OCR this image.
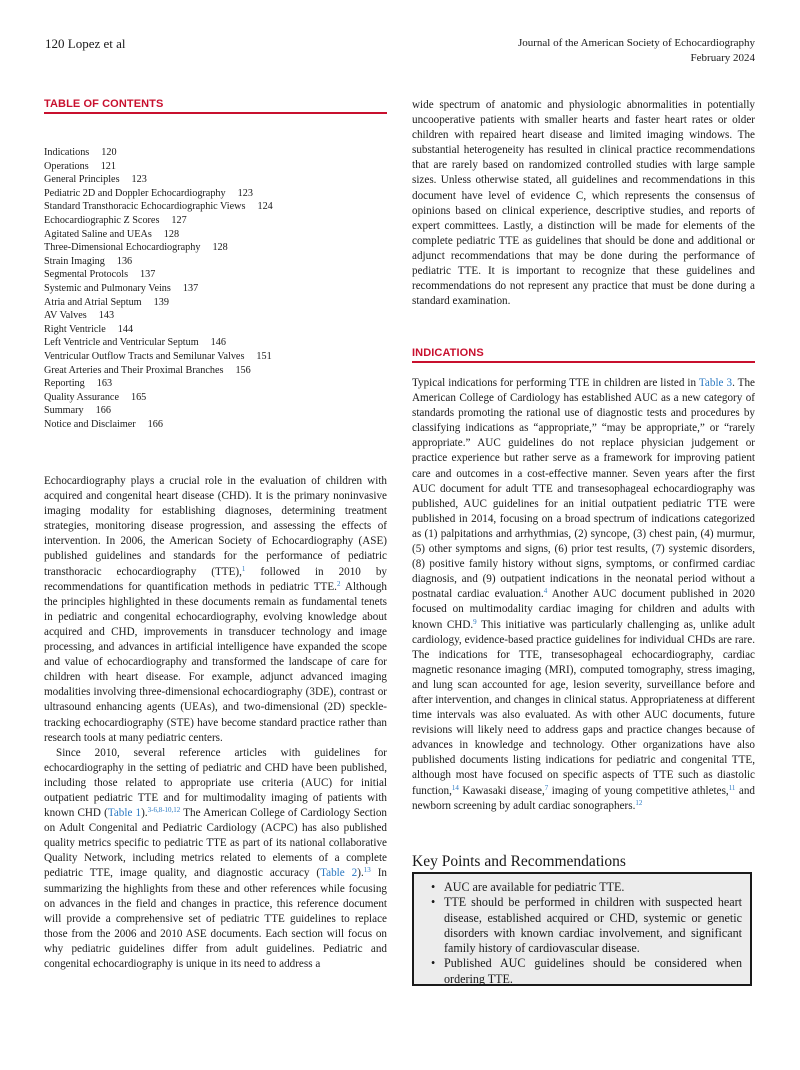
120 Lopez et al	Journal of the American Society of Echocardiography
February 2024
TABLE OF CONTENTS
Indications 120
Operations 121
General Principles 123
Pediatric 2D and Doppler Echocardiography 123
Standard Transthoracic Echocardiographic Views 124
Echocardiographic Z Scores 127
Agitated Saline and UEAs 128
Three-Dimensional Echocardiography 128
Strain Imaging 136
Segmental Protocols 137
Systemic and Pulmonary Veins 137
Atria and Atrial Septum 139
AV Valves 143
Right Ventricle 144
Left Ventricle and Ventricular Septum 146
Ventricular Outflow Tracts and Semilunar Valves 151
Great Arteries and Their Proximal Branches 156
Reporting 163
Quality Assurance 165
Summary 166
Notice and Disclaimer 166

Echocardiography plays a crucial role in the evaluation of children with acquired and congenital heart disease (CHD). It is the primary noninvasive imaging modality for establishing diagnoses, determining treatment strategies, monitoring disease progression, and assessing the effects of intervention. In 2006, the American Society of Echocardiography (ASE) published guidelines and standards for the performance of pediatric transthoracic echocardiography (TTE),$^1$ followed in 2010 by recommendations for quantification methods in pediatric TTE.$^2$ Although the principles highlighted in these documents remain as fundamental tenets in pediatric and congenital echocardiography, evolving knowledge about acquired and CHD, improvements in transducer technology and image processing, and advances in artificial intelligence have expanded the scope and value of echocardiography and transformed the landscape of care for children with heart disease. For example, adjunct advanced imaging modalities involving three-dimensional echocardiography (3DE), contrast or ultrasound enhancing agents (UEAs), and two-dimensional (2D) speckle-tracking echocardiography (STE) have become standard practice rather than research tools at many pediatric centers.

Since 2010, several reference articles with guidelines for echocardiography in the setting of pediatric and CHD have been published, including those related to appropriate use criteria (AUC) for initial outpatient pediatric TTE and for multimodality imaging of patients with known CHD (Table 1).$^{3-6,8-10,12}$ The American College of Cardiology Section on Adult Congenital and Pediatric Cardiology (ACPC) has also published quality metrics specific to pediatric TTE as part of its national collaborative Quality Network, including metrics related to elements of a complete pediatric TTE, image quality, and diagnostic accuracy (Table 2).$^{13}$ In summarizing the highlights from these and other references while focusing on advances in the field and changes in practice, this reference document will provide a comprehensive set of pediatric TTE guidelines to replace those from the 2006 and 2010 ASE documents. Each section will focus on why pediatric guidelines differ from adult guidelines. Pediatric and congenital echocardiography is unique in its need to address a

wide spectrum of anatomic and physiologic abnormalities in potentially uncooperative patients with smaller hearts and faster heart rates or older children with repaired heart disease and limited imaging windows. The substantial heterogeneity has resulted in clinical practice recommendations that are rarely based on randomized controlled studies with large sample sizes. Unless otherwise stated, all guidelines and recommendations in this document have level of evidence C, which represents the consensus of opinions based on clinical experience, descriptive studies, and reports of expert committees. Lastly, a distinction will be made for elements of the complete pediatric TTE as guidelines that should be done and additional or adjunct recommendations that may be done during the performance of pediatric TTE. It is important to recognize that these guidelines and recommendations do not represent any practice that must be done during a standard examination.

INDICATIONS

Typical indications for performing TTE in children are listed in Table 3. The American College of Cardiology has established AUC as a new category of standards promoting the rational use of diagnostic tests and procedures by classifying indications as “appropriate,” “may be appropriate,” or “rarely appropriate.” AUC guidelines do not replace physician judgement or practice experience but rather serve as a framework for improving patient care and outcomes in a cost-effective manner. Seven years after the first AUC document for adult TTE and transesophageal echocardiography was published, AUC guidelines for an initial outpatient pediatric TTE were published in 2014, focusing on a broad spectrum of indications categorized as (1) palpitations and arrhythmias, (2) syncope, (3) chest pain, (4) murmur, (5) other symptoms and signs, (6) prior test results, (7) systemic disorders, (8) positive family history without signs, symptoms, or confirmed cardiac diagnosis, and (9) outpatient indications in the neonatal period without a postnatal cardiac evaluation.$^4$ Another AUC document published in 2020 focused on multimodality cardiac imaging for children and adults with known CHD.$^9$ This initiative was particularly challenging as, unlike adult cardiology, evidence-based practice guidelines for individual CHDs are rare. The indications for TTE, transesophageal echocardiography, cardiac magnetic resonance imaging (MRI), computed tomography, stress imaging, and lung scan accounted for age, lesion severity, surveillance before and after intervention, and changes in clinical status. Appropriateness at different time intervals was also evaluated. As with other AUC documents, future revisions will likely need to address gaps and practice changes because of advances in knowledge and technology. Other organizations have also published documents listing indications for pediatric and congenital TTE, although most have focused on specific aspects of TTE such as diastolic function,$^{14}$ Kawasaki disease,$^7$ imaging of young competitive athletes,$^{11}$ and newborn screening by adult cardiac sonographers.$^{12}$

Key Points and Recommendations
• AUC are available for pediatric TTE.
• TTE should be performed in children with suspected heart disease, established acquired or CHD, systemic or genetic disorders with known cardiac involvement, and significant family history of cardiovascular disease.
• Published AUC guidelines should be considered when ordering TTE.
